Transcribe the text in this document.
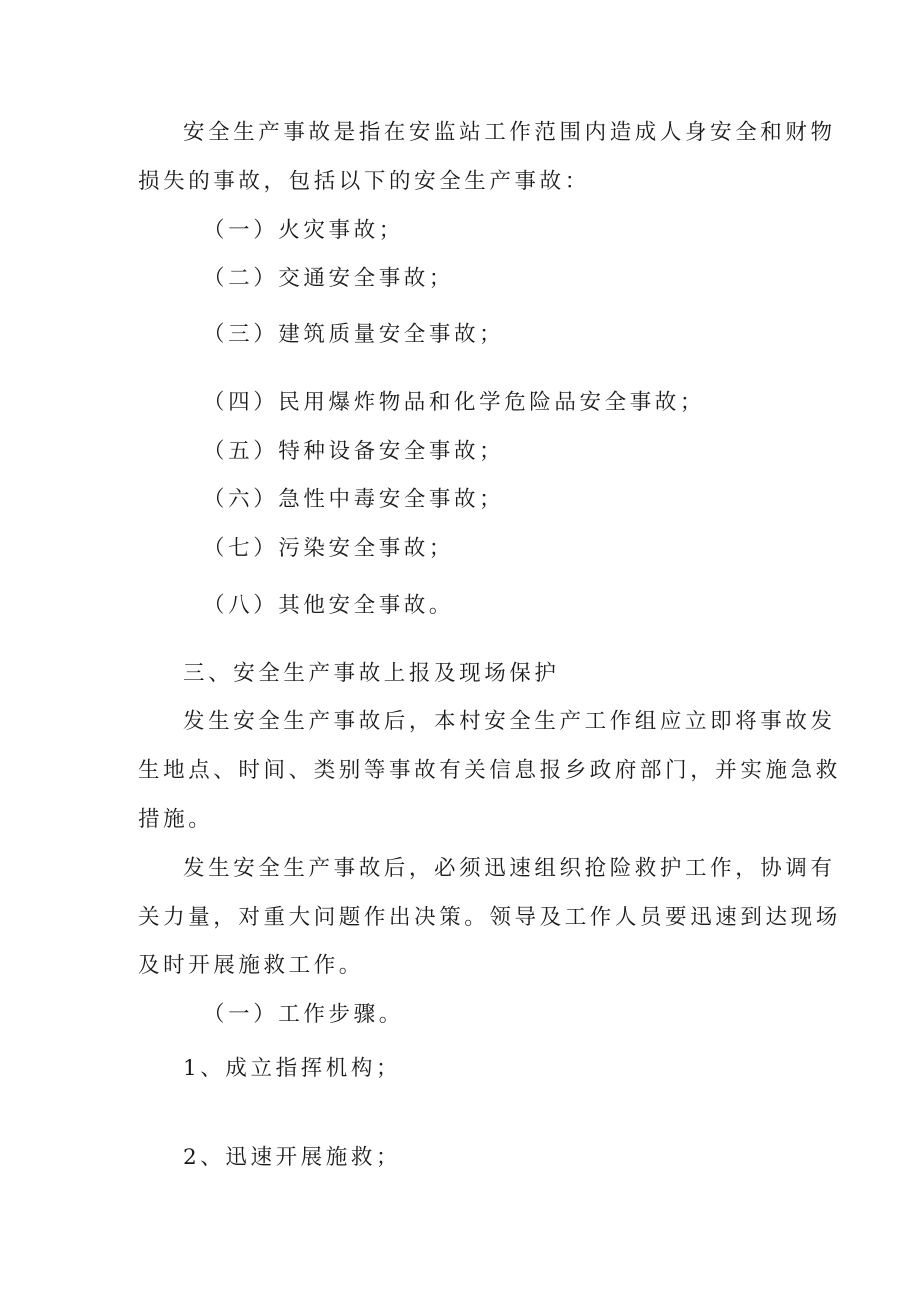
安全生产事故是指在安监站工作范围内造成人身安全和财物
损失的事故，包括以下的安全生产事故：
（一）火灾事故；
（二）交通安全事故；
（三）建筑质量安全事故；
（四）民用爆炸物品和化学危险品安全事故；
（五）特种设备安全事故；
（六）急性中毒安全事故；
（七）污染安全事故；
（八）其他安全事故。
三、安全生产事故上报及现场保护
发生安全生产事故后，本村安全生产工作组应立即将事故发
生地点、时间、类别等事故有关信息报乡政府部门，并实施急救
措施。
发生安全生产事故后，必须迅速组织抢险救护工作，协调有
关力量，对重大问题作出决策。领导及工作人员要迅速到达现场
及时开展施救工作。
（一）工作步骤。
1、成立指挥机构；
2、迅速开展施救；
